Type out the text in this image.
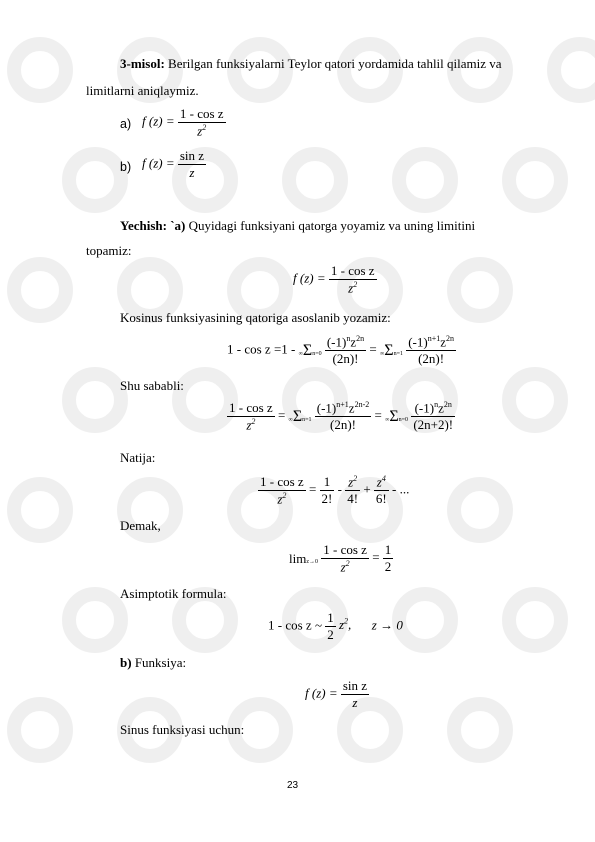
3-misol: Berilgan funksiyalarni Teylor qatori yordamida tahlil qilamiz va
limitlarni aniqlaymiz.
a) f $(z) = \frac{\text{1 - cos z}}{z^2}$
b) f $(z) = \frac{\text{sin z}}{z}$
Yechish: `a) Quyidagi funksiyani qatorga yoyamiz va uning limitini
topamiz:
f $(z) = \frac{\text{1 - cos z}}{z^2}$
Kosinus funksiyasining qatoriga asoslanib yozamiz:
$1 - \cos z =1 - \infty\Sigma n=0 \frac{(-1)^nz^{2n}}{(2n)!} = \infty\Sigma n=1 \frac{(-1)^{n+1}z^{2n}}{(2n)!}$
Shu sababli:
$\frac{\text{1 - cos z}}{z^2} = \infty\Sigma n=1 \frac{(-1)^{n+1}z^{2n-2}}{(2n)!} = \infty\Sigma n=0 \frac{(-1)^nz^{2n}}{(2n+2)!}$
Natija:
$\frac{\text{1 - cos z}}{z^2} = \frac{1}{2!} - \frac{z^2}{4!} + \frac{z^4}{6!}$ - ...
Demak,
$\lim z\to 0 \frac{\text{1 - cos z}}{z^2} = \frac{1}{2}$
Asimptotik formula:
1 - cos z ~ $\frac{1}{2} z^2$, z → 0
b) Funksiya:
f $(z) = \frac{\text{sin z}}{z}$
Sinus funksiyasi uchun:
23
